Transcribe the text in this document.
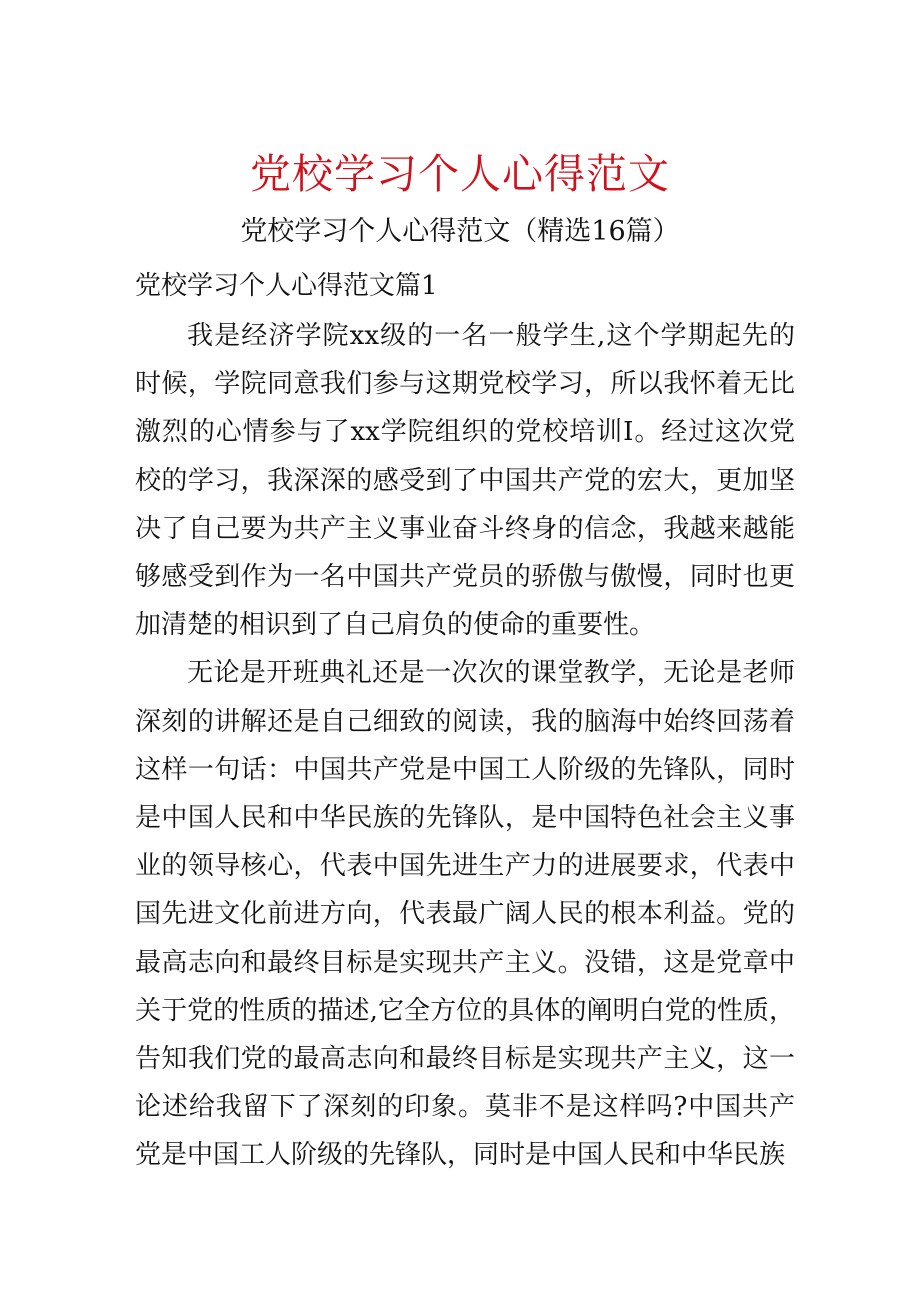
党校学习个人心得范文
党校学习个人心得范文（精选16篇）
党校学习个人心得范文篇1

我是经济学院xx级的一名一般学生,这个学期起先的时候，学院同意我们参与这期党校学习，所以我怀着无比激烈的心情参与了xx学院组织的党校培训I。经过这次党校的学习，我深深的感受到了中国共产党的宏大，更加坚决了自己要为共产主义事业奋斗终身的信念，我越来越能够感受到作为一名中国共产党员的骄傲与傲慢，同时也更加清楚的相识到了自己肩负的使命的重要性。

无论是开班典礼还是一次次的课堂教学，无论是老师深刻的讲解还是自己细致的阅读，我的脑海中始终回荡着这样一句话：中国共产党是中国工人阶级的先锋队，同时是中国人民和中华民族的先锋队，是中国特色社会主义事业的领导核心，代表中国先进生产力的进展要求，代表中国先进文化前进方向，代表最广阔人民的根本利益。党的最高志向和最终目标是实现共产主义。没错，这是党章中关于党的性质的描述,它全方位的具体的阐明白党的性质，告知我们党的最高志向和最终目标是实现共产主义，这一论述给我留下了深刻的印象。莫非不是这样吗?中国共产党是中国工人阶级的先锋队，同时是中国人民和中华民族
